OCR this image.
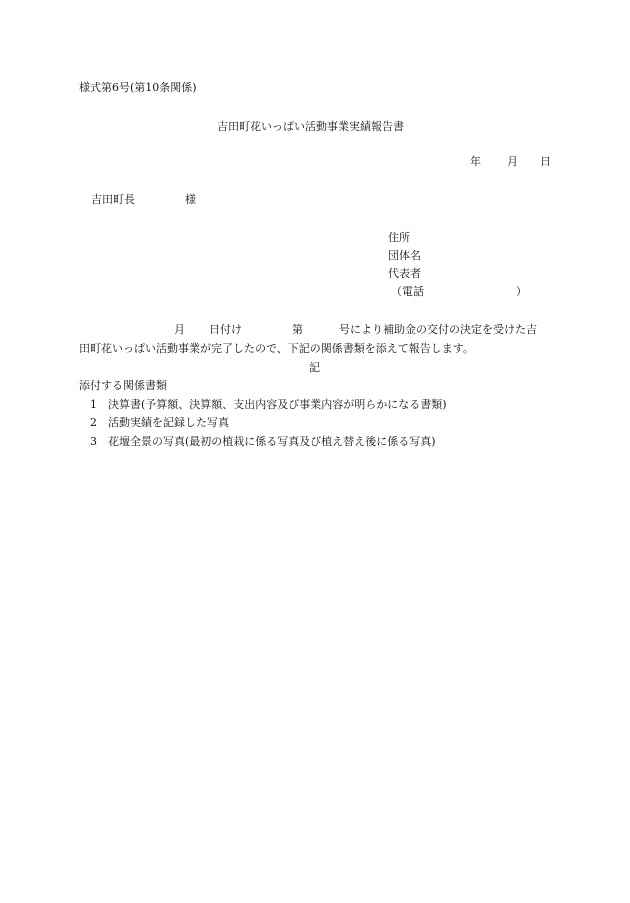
様式第6号(第10条関係)
吉田町花いっぱい活動事業実績報告書
年 月 日
吉田町長	様
住所
団体名
代表者
（電話	）
月 日付け	第	号により補助金の交付の決定を受けた吉
田町花いっぱい活動事業が完了したので、下記の関係書類を添えて報告します。
記
添付する関係書類
1 決算書(予算額、決算額、支出内容及び事業内容が明らかになる書類)
2 活動実績を記録した写真
3 花壇全景の写真(最初の植栽に係る写真及び植え替え後に係る写真)
